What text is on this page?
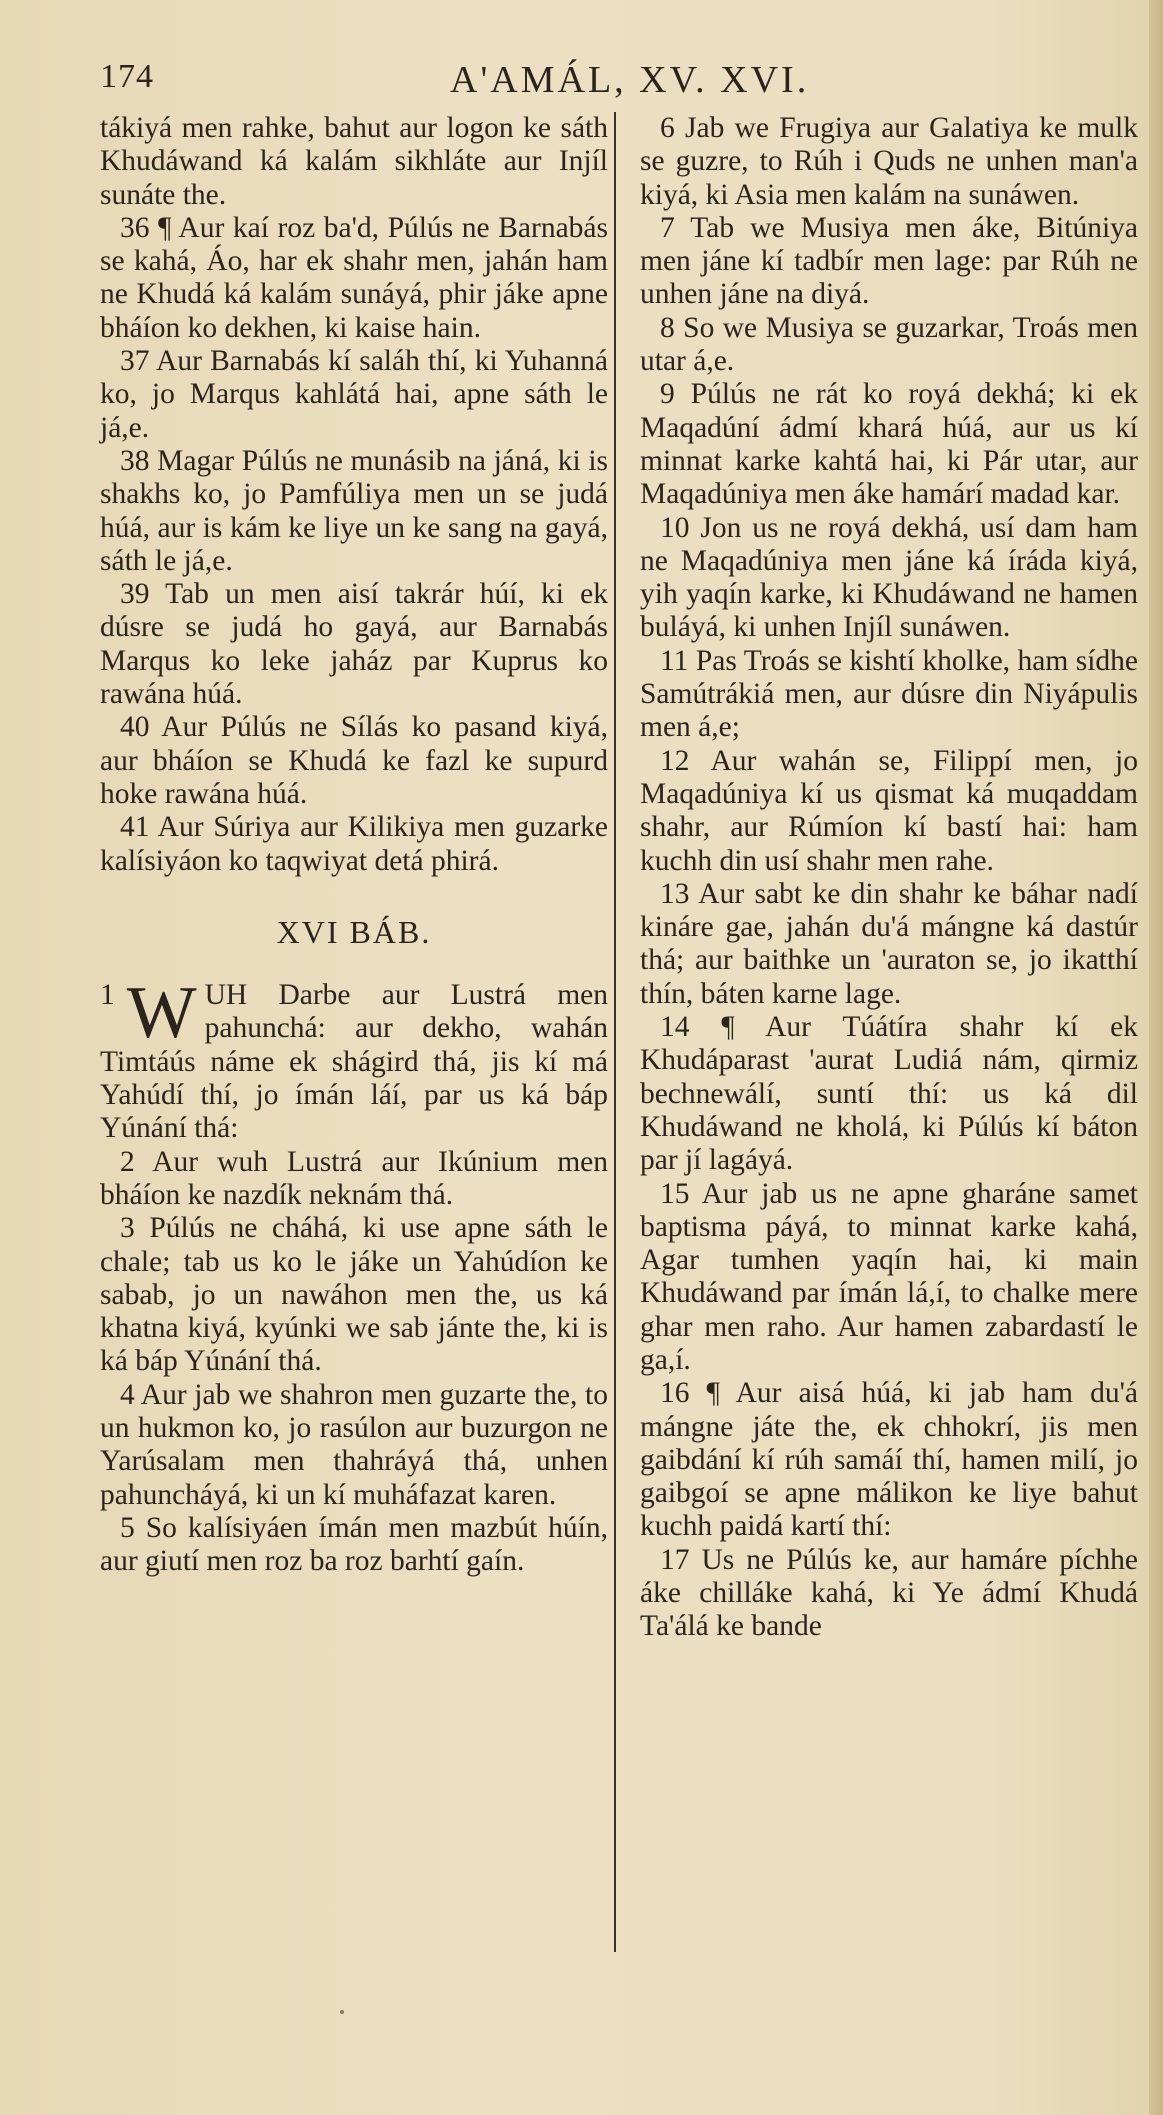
174	A'AMÁL, XV. XVI.

tákiyá men rahke, bahut aur logon ke sáth Khudáwand ká kalám sikhláte aur Injíl sunáte the.

36 ¶ Aur kaí roz ba'd, Púlús ne Barnabás se kahá, Áo, har ek shahr men, jahán ham ne Khudá ká kalám sunáyá, phir jáke apne bháíon ko dekhen, ki kaise hain.

37 Aur Barnabás kí saláh thí, ki Yuhanná ko, jo Marqus kahlátá hai, apne sáth le já,e.

38 Magar Púlús ne munásib na jáná, ki is shakhs ko, jo Pamfúliya men un se judá húá, aur is kám ke liye un ke sang na gayá, sáth le já,e.

39 Tab un men aisí takrár húí, ki ek dúsre se judá ho gayá, aur Barnabás Marqus ko leke jaház par Kuprus ko rawána húá.

40 Aur Púlús ne Sílás ko pasand kiyá, aur bháíon se Khudá ke fazl ke supurd hoke rawána húá.

41 Aur Súriya aur Kilikiya men guzarke kalísiyáon ko taqwiyat detá phirá.

XVI BÁB.

1 W UH Darbe aur Lustrá men pahunchá: aur dekho, wahán Timtáús náme ek shágird thá, jis kí má Yahúdí thí, jo ímán láí, par us ká báp Yúnání thá:

2 Aur wuh Lustrá aur Ikúnium men bháíon ke nazdík neknám thá.

3 Púlús ne cháhá, ki use apne sáth le chale; tab us ko le jáke un Yahúdíon ke sabab, jo un nawáhon men the, us ká khatna kiyá, kyúnki we sab jánte the, ki is ká báp Yúnání thá.

4 Aur jab we shahron men guzarte the, to un hukmon ko, jo rasúlon aur buzurgon ne Yarúsalam men thahráyá thá, unhen pahuncháyá, ki un kí muháfazat karen.

5 So kalísiyáen ímán men mazbút húín, aur giutí men roz ba roz barhtí gaín.

6 Jab we Frugiya aur Galatiya ke mulk se guzre, to Rúh i Quds ne unhen man'a kiyá, ki Asia men kalám na sunáwen.

7 Tab we Musiya men áke, Bitúniya men jáne kí tadbír men lage: par Rúh ne unhen jáne na diyá.

8 So we Musiya se guzarkar, Troás men utar á,e.

9 Púlús ne rát ko royá dekhá; ki ek Maqadúní ádmí khará húá, aur us kí minnat karke kahtá hai, ki Pár utar, aur Maqadúniya men áke hamárí madad kar.

10 Jon us ne royá dekhá, usí dam ham ne Maqadúniya men jáne ká íráda kiyá, yih yaqín karke, ki Khudáwand ne hamen buláyá, ki unhen Injíl sunáwen.

11 Pas Troás se kishtí kholke, ham sídhe Samútrákiá men, aur dúsre din Niyápulis men á,e;

12 Aur wahán se, Filippí men, jo Maqadúniya kí us qismat ká muqaddam shahr, aur Rúmíon kí bastí hai: ham kuchh din usí shahr men rahe.

13 Aur sabt ke din shahr ke báhar nadí kináre gae, jahán du'á mángne ká dastúr thá; aur baithke un 'auraton se, jo ikatthí thín, báten karne lage.

14 ¶ Aur Túátíra shahr kí ek Khudáparast 'aurat Ludiá nám, qirmiz bechnewálí, suntí thí: us ká dil Khudáwand ne kholá, ki Púlús kí báton par jí lagáyá.

15 Aur jab us ne apne gharáne samet baptisma páyá, to minnat karke kahá, Agar tumhen yaqín hai, ki main Khudáwand par ímán lá,í, to chalke mere ghar men raho. Aur hamen zabardastí le ga,í.

16 ¶ Aur aisá húá, ki jab ham du'á mángne játe the, ek chhokrí, jis men gaibdání kí rúh samáí thí, hamen milí, jo gaibgoí se apne málikon ke liye bahut kuchh paidá kartí thí:

17 Us ne Púlús ke, aur hamáre píchhe áke chilláke kahá, ki Ye ádmí Khudá Ta'álá ke bande
